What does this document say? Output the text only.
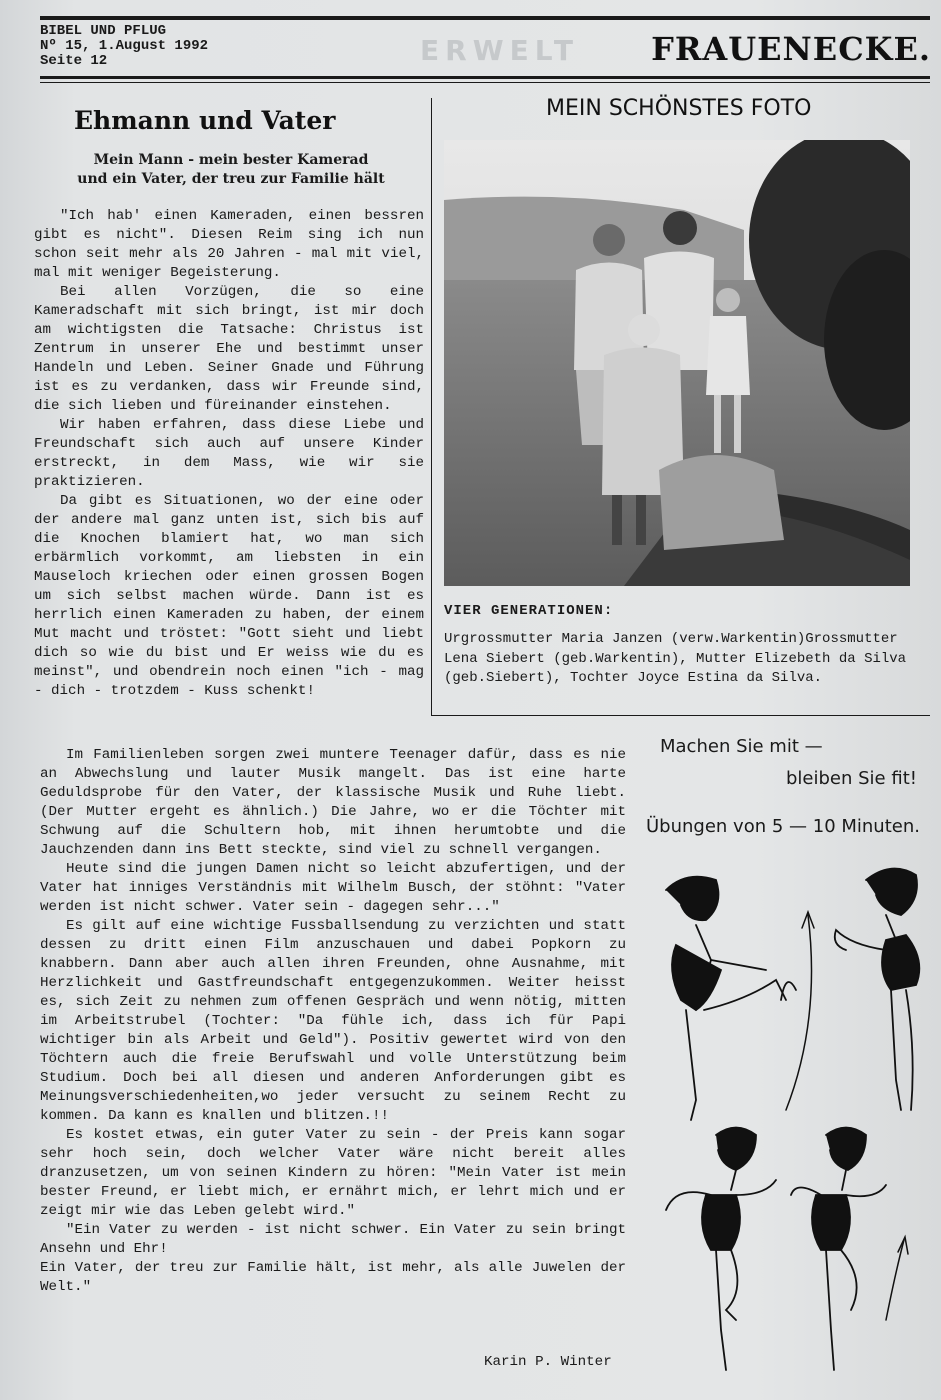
BIBEL UND PFLUG
Nº 15, 1.August 1992
Seite 12	ERWELT FRAUENECKE.
Ehmann und Vater
Mein Mann - mein bester Kamerad
und ein Vater, der treu zur Familie hält

"Ich hab' einen Kameraden, einen bessren gibt es nicht". Diesen Reim sing ich nun schon seit mehr als 20 Jahren - mal mit viel, mal mit weniger Begeisterung.

Bei allen Vorzügen, die so eine Kameradschaft mit sich bringt, ist mir doch am wichtigsten die Tatsache: Christus ist Zentrum in unserer Ehe und bestimmt unser Handeln und Leben. Seiner Gnade und Führung ist es zu verdanken, dass wir Freunde sind, die sich lieben und füreinander einstehen.

Wir haben erfahren, dass diese Liebe und Freundschaft sich auch auf unsere Kinder erstreckt, in dem Mass, wie wir sie praktizieren.

Da gibt es Situationen, wo der eine oder der andere mal ganz unten ist, sich bis auf die Knochen blamiert hat, wo man sich erbärmlich vorkommt, am liebsten in ein Mauseloch kriechen oder einen grossen Bogen um sich selbst machen würde. Dann ist es herrlich einen Kameraden zu haben, der einem Mut macht und tröstet: "Gott sieht und liebt dich so wie du bist und Er weiss wie du es meinst", und obendrein noch einen "ich - mag - dich - trotzdem - Kuss schenkt!

Im Familienleben sorgen zwei muntere Teenager dafür, dass es nie an Abwechslung und lauter Musik mangelt. Das ist eine harte Geduldsprobe für den Vater, der klassische Musik und Ruhe liebt. (Der Mutter ergeht es ähnlich.) Die Jahre, wo er die Töchter mit Schwung auf die Schultern hob, mit ihnen herumtobte und die Jauchzenden dann ins Bett steckte, sind viel zu schnell vergangen.

Heute sind die jungen Damen nicht so leicht abzufertigen, und der Vater hat inniges Verständnis mit Wilhelm Busch, der stöhnt: "Vater werden ist nicht schwer. Vater sein - dagegen sehr..."

Es gilt auf eine wichtige Fussballsendung zu verzichten und statt dessen zu dritt einen Film anzuschauen und dabei Popkorn zu knabbern. Dann aber auch allen ihren Freunden, ohne Ausnahme, mit Herzlichkeit und Gastfreundschaft entgegenzukommen. Weiter heisst es, sich Zeit zu nehmen zum offenen Gespräch und wenn nötig, mitten im Arbeitstrubel (Tochter: "Da fühle ich, dass ich für Papi wichtiger bin als Arbeit und Geld"). Positiv gewertet wird von den Töchtern auch die freie Berufswahl und volle Unterstützung beim Studium. Doch bei all diesen und anderen Anforderungen gibt es Meinungsverschiedenheiten,wo jeder versucht zu seinem Recht zu kommen. Da kann es knallen und blitzen.!!

Es kostet etwas, ein guter Vater zu sein - der Preis kann sogar sehr hoch sein, doch welcher Vater wäre nicht bereit alles dranzusetzen, um von seinen Kindern zu hören: "Mein Vater ist mein bester Freund, er liebt mich, er ernährt mich, er lehrt mich und er zeigt mir wie das Leben gelebt wird."

"Ein Vater zu werden - ist nicht schwer. Ein Vater zu sein bringt Ansehn und Ehr!

Ein Vater, der treu zur Familie hält, ist mehr, als alle Juwelen der Welt."

Karin P. Winter
MEIN SCHÖNSTES FOTO
VIER GENERATIONEN:
Urgrossmutter Maria Janzen (verw.Warkentin)Grossmutter Lena Siebert (geb.Warkentin), Mutter Elizebeth da Silva (geb.Siebert), Tochter Joyce Estina da Silva.
Machen Sie mit —
bleiben Sie fit!
Übungen von 5 — 10 Minuten.
